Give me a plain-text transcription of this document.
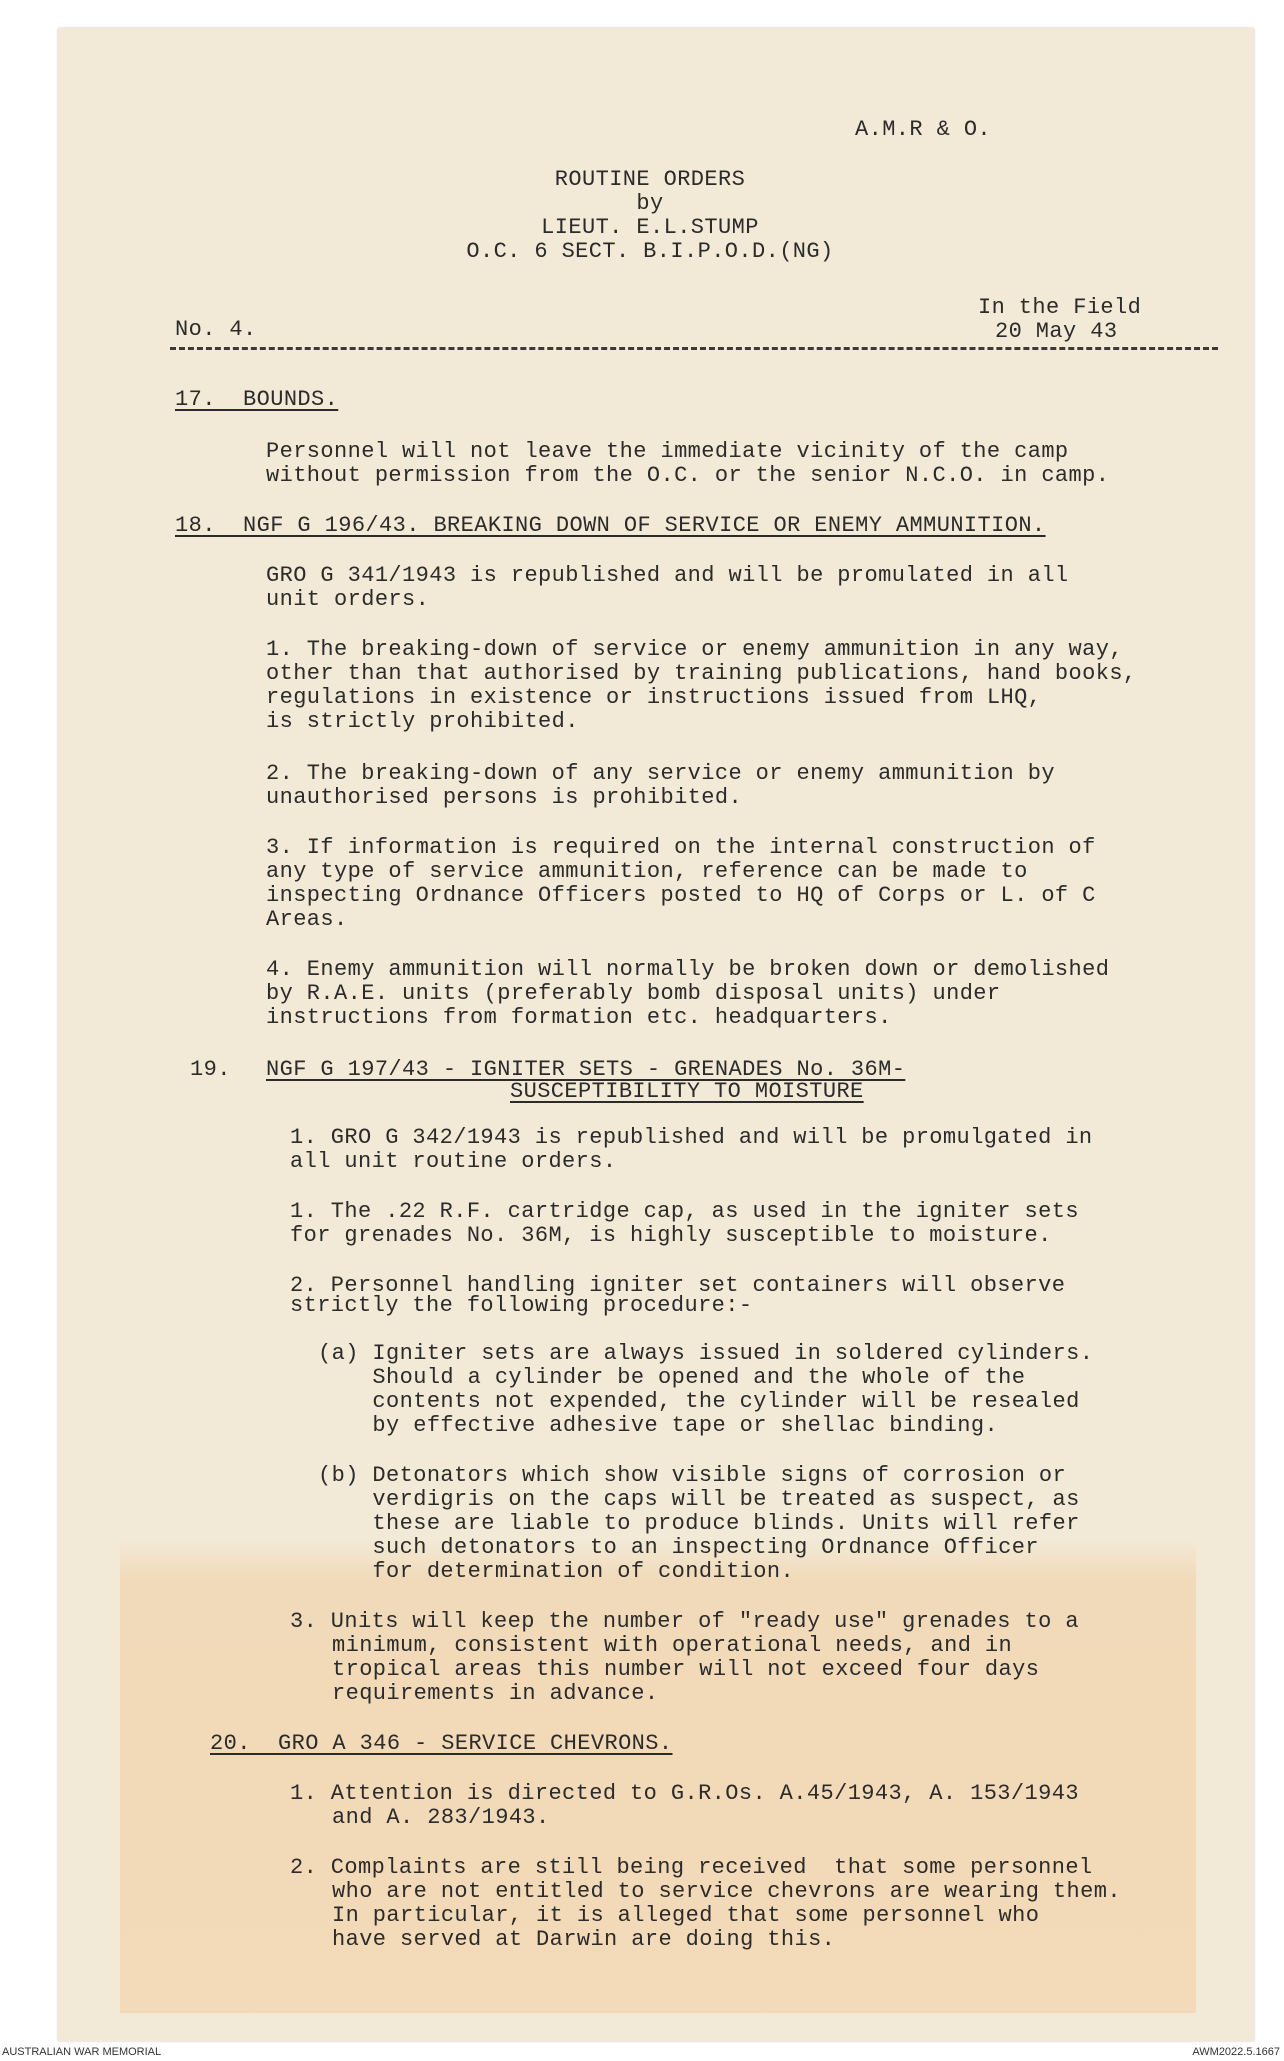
A.M.R & O.
ROUTINE ORDERS
by
LIEUT. E.L.STUMP
O.C. 6 SECT. B.I.P.O.D.(NG)
No. 4.
In the Field
20 May 43
17.  BOUNDS.
Personnel will not leave the immediate vicinity of the camp
without permission from the O.C. or the senior N.C.O. in camp.
18.  NGF G 196/43. BREAKING DOWN OF SERVICE OR ENEMY AMMUNITION.
GRO G 341/1943 is republished and will be promulated in all
unit orders.
1. The breaking-down of service or enemy ammunition in any way,
other than that authorised by training publications, hand books,
regulations in existence or instructions issued from LHQ,
is strictly prohibited.
2. The breaking-down of any service or enemy ammunition by
unauthorised persons is prohibited.
3. If information is required on the internal construction of
any type of service ammunition, reference can be made to
inspecting Ordnance Officers posted to HQ of Corps or L. of C
Areas.
4. Enemy ammunition will normally be broken down or demolished
by R.A.E. units (preferably bomb disposal units) under
instructions from formation etc. headquarters.
19. NGF G 197/43 - IGNITER SETS - GRENADES No. 36M-
SUSCEPTIBILITY TO MOISTURE
1. GRO G 342/1943 is republished and will be promulgated in
all unit routine orders.
1. The .22 R.F. cartridge cap, as used in the igniter sets
for grenades No. 36M, is highly susceptible to moisture.
2. Personnel handling igniter set containers will observe
strictly the following procedure:-
(a) Igniter sets are always issued in soldered cylinders.
Should a cylinder be opened and the whole of the
contents not expended, the cylinder will be resealed
by effective adhesive tape or shellac binding.
(b) Detonators which show visible signs of corrosion or
verdigris on the caps will be treated as suspect, as
these are liable to produce blinds. Units will refer
such detonators to an inspecting Ordnance Officer
for determination of condition.
3. Units will keep the number of "ready use" grenades to a
minimum, consistent with operational needs, and in
tropical areas this number will not exceed four days
requirements in advance.
20.  GRO A 346 - SERVICE CHEVRONS.
1. Attention is directed to G.R.Os. A.45/1943, A. 153/1943
and A. 283/1943.
2. Complaints are still being received  that some personnel
who are not entitled to service chevrons are wearing them.
In particular, it is alleged that some personnel who
have served at Darwin are doing this.
AUSTRALIAN WAR MEMORIAL	AWM2022.5.1667
